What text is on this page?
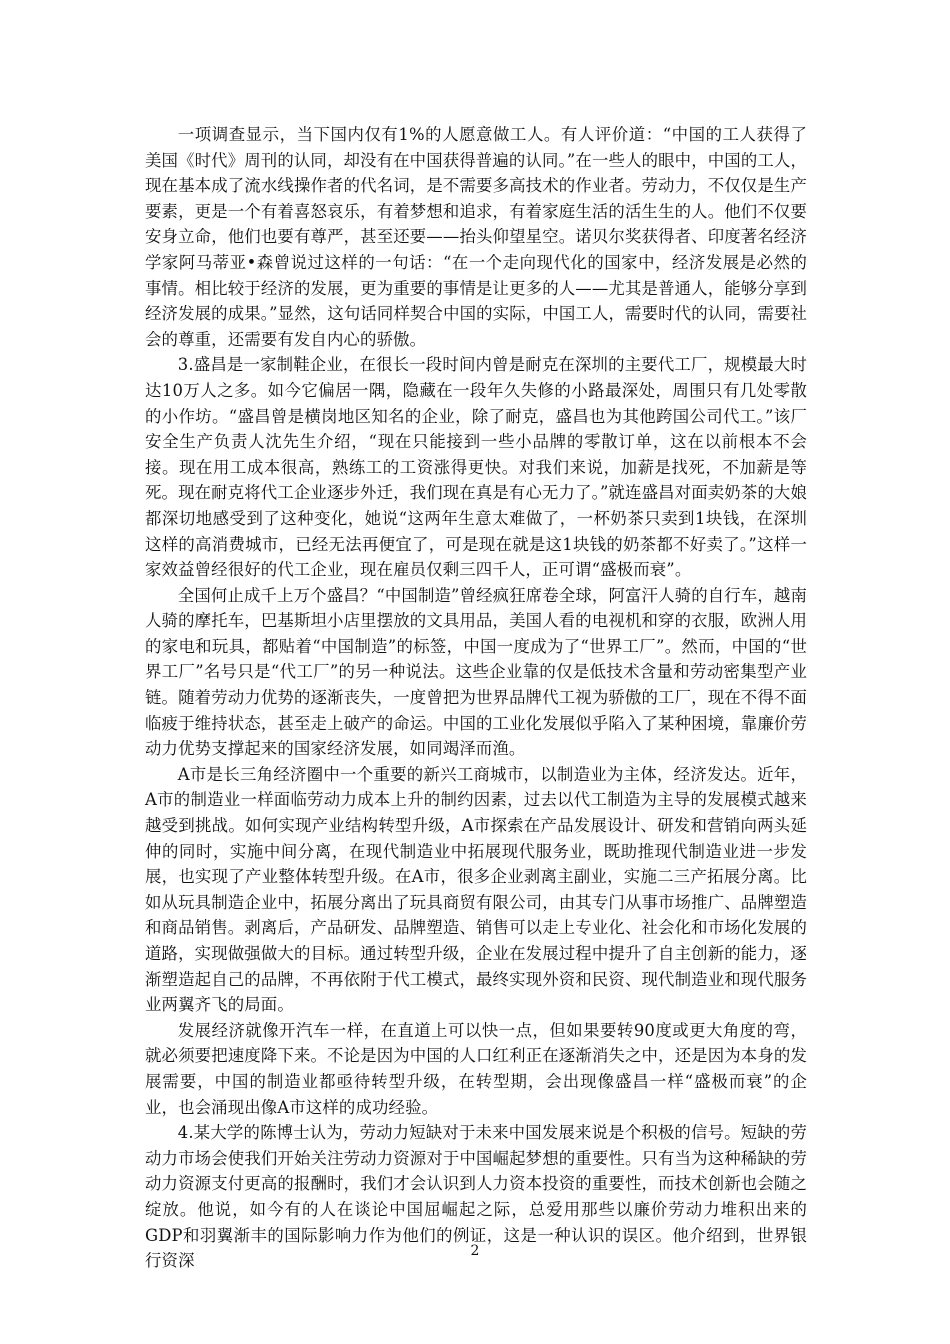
一项调查显示，当下国内仅有1%的人愿意做工人。有人评价道：“中国的工人获得了美国《时代》周刊的认同，却没有在中国获得普遍的认同。”在一些人的眼中，中国的工人，现在基本成了流水线操作者的代名词，是不需要多高技术的作业者。劳动力，不仅仅是生产要素，更是一个有着喜怒哀乐，有着梦想和追求，有着家庭生活的活生生的人。他们不仅要安身立命，他们也要有尊严，甚至还要——抬头仰望星空。诺贝尔奖获得者、印度著名经济学家阿马蒂亚•森曾说过这样的一句话：“在一个走向现代化的国家中，经济发展是必然的事情。相比较于经济的发展，更为重要的事情是让更多的人——尤其是普通人，能够分享到经济发展的成果。”显然，这句话同样契合中国的实际，中国工人，需要时代的认同，需要社会的尊重，还需要有发自内心的骄傲。

3.盛昌是一家制鞋企业，在很长一段时间内曾是耐克在深圳的主要代工厂，规模最大时达10万人之多。如今它偏居一隅，隐藏在一段年久失修的小路最深处，周围只有几处零散的小作坊。“盛昌曾是横岗地区知名的企业，除了耐克，盛昌也为其他跨国公司代工。”该厂安全生产负责人沈先生介绍，“现在只能接到一些小品牌的零散订单，这在以前根本不会接。现在用工成本很高，熟练工的工资涨得更快。对我们来说，加薪是找死，不加薪是等死。现在耐克将代工企业逐步外迁，我们现在真是有心无力了。”就连盛昌对面卖奶茶的大娘都深切地感受到了这种变化，她说“这两年生意太难做了，一杯奶茶只卖到1块钱，在深圳这样的高消费城市，已经无法再便宜了，可是现在就是这1块钱的奶茶都不好卖了。”这样一家效益曾经很好的代工企业，现在雇员仅剩三四千人，正可谓“盛极而衰”。

全国何止成千上万个盛昌？“中国制造”曾经疯狂席卷全球，阿富汗人骑的自行车，越南人骑的摩托车，巴基斯坦小店里摆放的文具用品，美国人看的电视机和穿的衣服，欧洲人用的家电和玩具，都贴着“中国制造”的标签，中国一度成为了“世界工厂”。然而，中国的“世界工厂”名号只是“代工厂”的另一种说法。这些企业靠的仅是低技术含量和劳动密集型产业链。随着劳动力优势的逐渐丧失，一度曾把为世界品牌代工视为骄傲的工厂，现在不得不面临疲于维持状态，甚至走上破产的命运。中国的工业化发展似乎陷入了某种困境，靠廉价劳动力优势支撑起来的国家经济发展，如同竭泽而渔。

A市是长三角经济圈中一个重要的新兴工商城市，以制造业为主体，经济发达。近年，A市的制造业一样面临劳动力成本上升的制约因素，过去以代工制造为主导的发展模式越来越受到挑战。如何实现产业结构转型升级，A市探索在产品发展设计、研发和营销向两头延伸的同时，实施中间分离，在现代制造业中拓展现代服务业，既助推现代制造业进一步发展，也实现了产业整体转型升级。在A市，很多企业剥离主副业，实施二三产拓展分离。比如从玩具制造企业中，拓展分离出了玩具商贸有限公司，由其专门从事市场推广、品牌塑造和商品销售。剥离后，产品研发、品牌塑造、销售可以走上专业化、社会化和市场化发展的道路，实现做强做大的目标。通过转型升级，企业在发展过程中提升了自主创新的能力，逐渐塑造起自己的品牌，不再依附于代工模式，最终实现外资和民资、现代制造业和现代服务业两翼齐飞的局面。

发展经济就像开汽车一样，在直道上可以快一点，但如果要转90度或更大角度的弯，就必须要把速度降下来。不论是因为中国的人口红利正在逐渐消失之中，还是因为本身的发展需要，中国的制造业都亟待转型升级，在转型期，会出现像盛昌一样“盛极而衰”的企业，也会涌现出像A市这样的成功经验。

4.某大学的陈博士认为，劳动力短缺对于未来中国发展来说是个积极的信号。短缺的劳动力市场会使我们开始关注劳动力资源对于中国崛起梦想的重要性。只有当为这种稀缺的劳动力资源支付更高的报酬时，我们才会认识到人力资本投资的重要性，而技术创新也会随之绽放。他说，如今有的人在谈论中国屈崛起之际，总爱用那些以廉价劳动力堆积出来的GDP和羽翼渐丰的国际影响力作为他们的例证，这是一种认识的误区。他介绍到，世界银行资深

2
